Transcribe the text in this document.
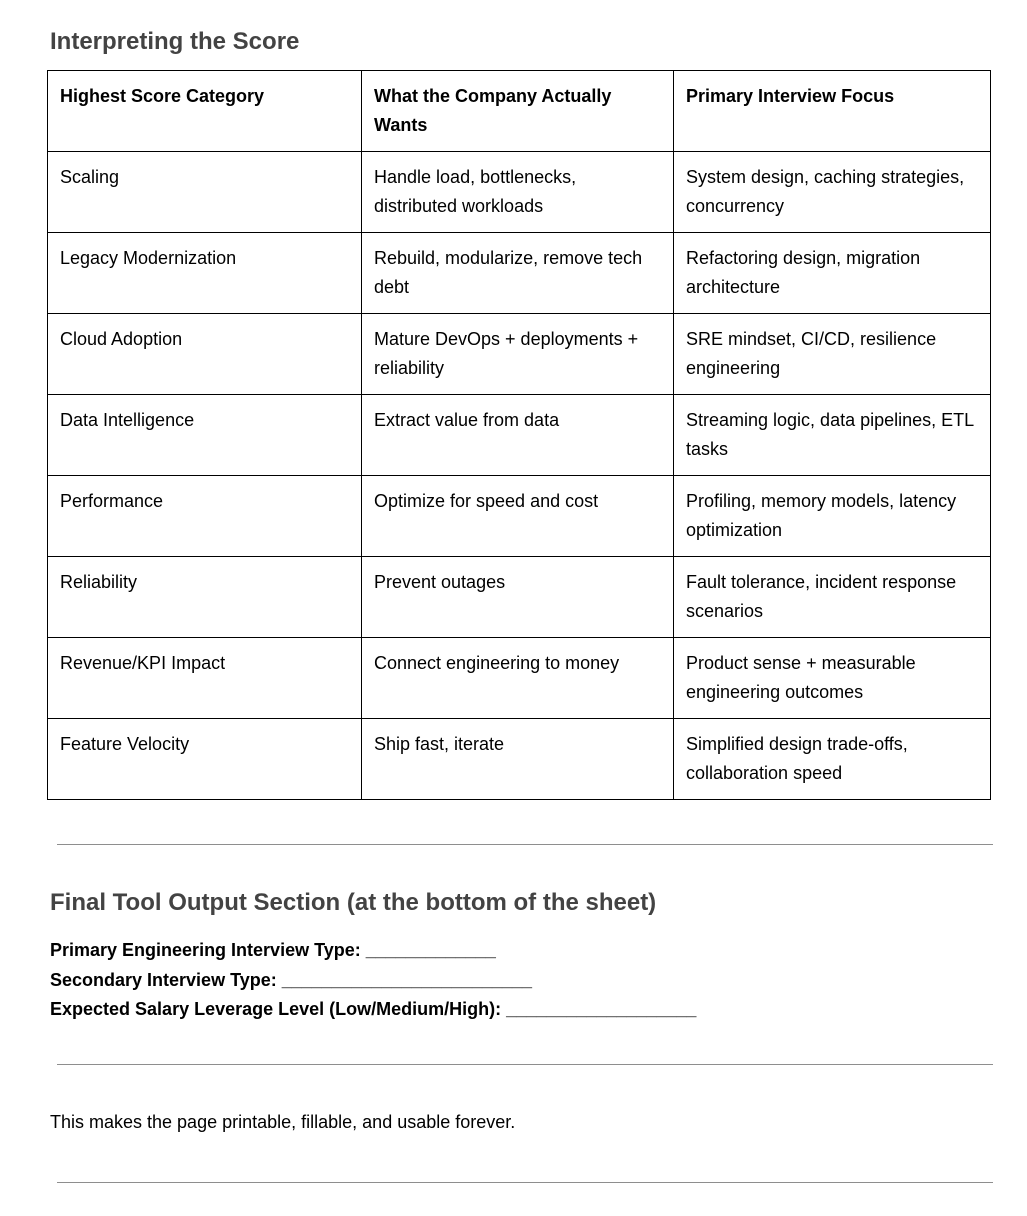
Interpreting the Score
Highest Score Category	What the Company Actually Wants	Primary Interview Focus
Scaling	Handle load, bottlenecks, distributed workloads	System design, caching strategies, concurrency
Legacy Modernization	Rebuild, modularize, remove tech debt	Refactoring design, migration architecture
Cloud Adoption	Mature DevOps + deployments + reliability	SRE mindset, CI/CD, resilience engineering
Data Intelligence	Extract value from data	Streaming logic, data pipelines, ETL tasks
Performance	Optimize for speed and cost	Profiling, memory models, latency optimization
Reliability	Prevent outages	Fault tolerance, incident response scenarios
Revenue/KPI Impact	Connect engineering to money	Product sense + measurable engineering outcomes
Feature Velocity	Ship fast, iterate	Simplified design trade-offs, collaboration speed
Final Tool Output Section (at the bottom of the sheet)
Primary Engineering Interview Type: _____________
Secondary Interview Type: _________________________
Expected Salary Leverage Level (Low/Medium/High): ___________________
This makes the page printable, fillable, and usable forever.
